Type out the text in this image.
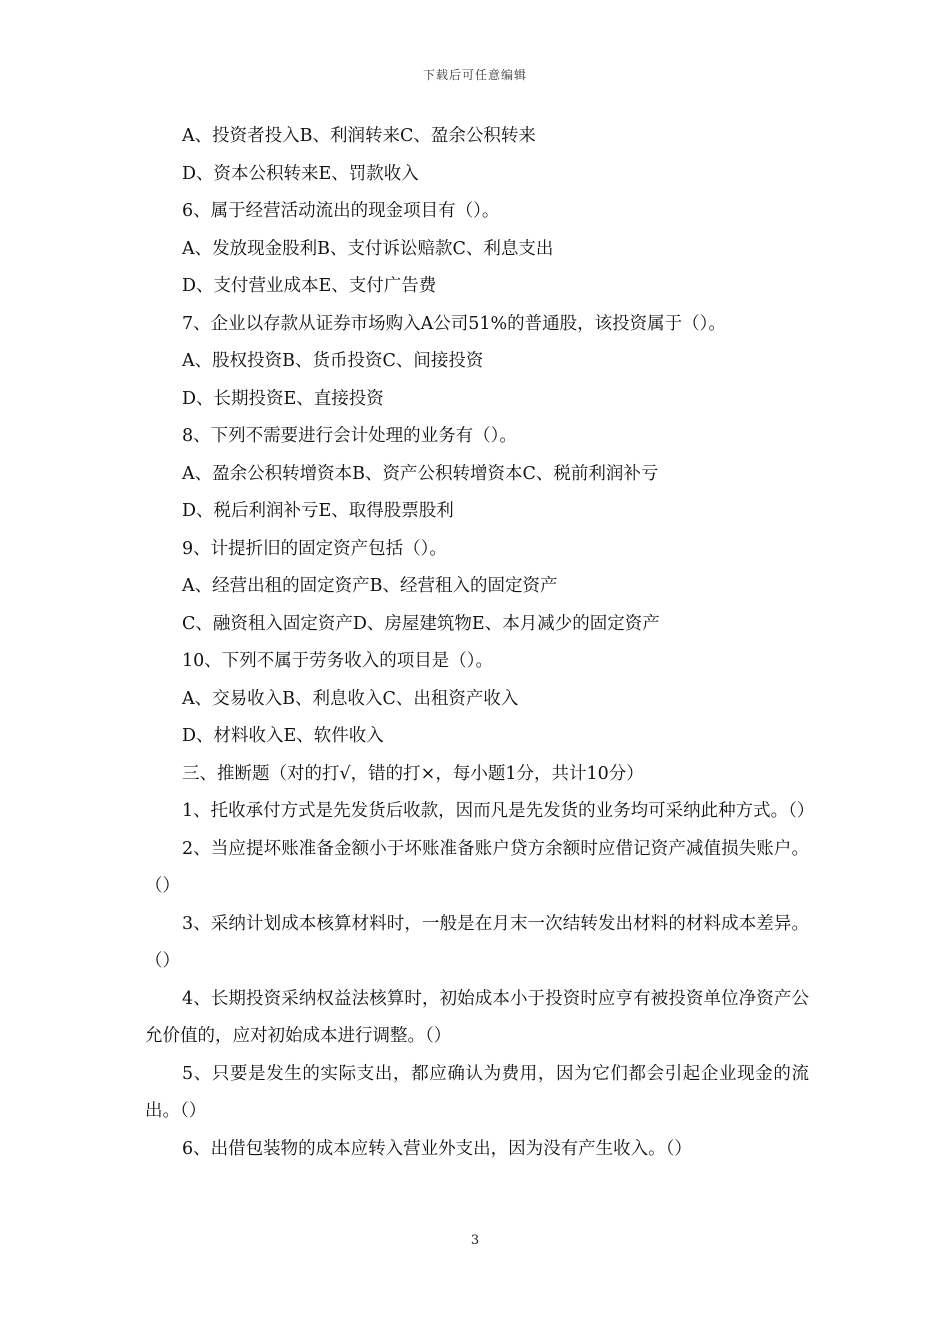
下载后可任意编辑
A、投资者投入B、利润转来C、盈余公积转来
D、资本公积转来E、罚款收入
6、属于经营活动流出的现金项目有（）。
A、发放现金股利B、支付诉讼赔款C、利息支出
D、支付营业成本E、支付广告费
7、企业以存款从证券市场购入A公司51%的普通股，该投资属于（）。
A、股权投资B、货币投资C、间接投资
D、长期投资E、直接投资
8、下列不需要进行会计处理的业务有（）。
A、盈余公积转增资本B、资产公积转增资本C、税前利润补亏
D、税后利润补亏E、取得股票股利
9、计提折旧的固定资产包括（）。
A、经营出租的固定资产B、经营租入的固定资产
C、融资租入固定资产D、房屋建筑物E、本月减少的固定资产
10、下列不属于劳务收入的项目是（）。
A、交易收入B、利息收入C、出租资产收入
D、材料收入E、软件收入
三、推断题（对的打√，错的打×，每小题1分，共计10分）
1、托收承付方式是先发货后收款，因而凡是先发货的业务均可采纳此种方式。（）
2、当应提坏账准备金额小于坏账准备账户贷方余额时应借记资产减值损失账户。（）
3、采纳计划成本核算材料时，一般是在月末一次结转发出材料的材料成本差异。（）
4、长期投资采纳权益法核算时，初始成本小于投资时应亨有被投资单位净资产公允价值的，应对初始成本进行调整。（）
5、只要是发生的实际支出，都应确认为费用，因为它们都会引起企业现金的流出。（）
6、出借包装物的成本应转入营业外支出，因为没有产生收入。（）
3
